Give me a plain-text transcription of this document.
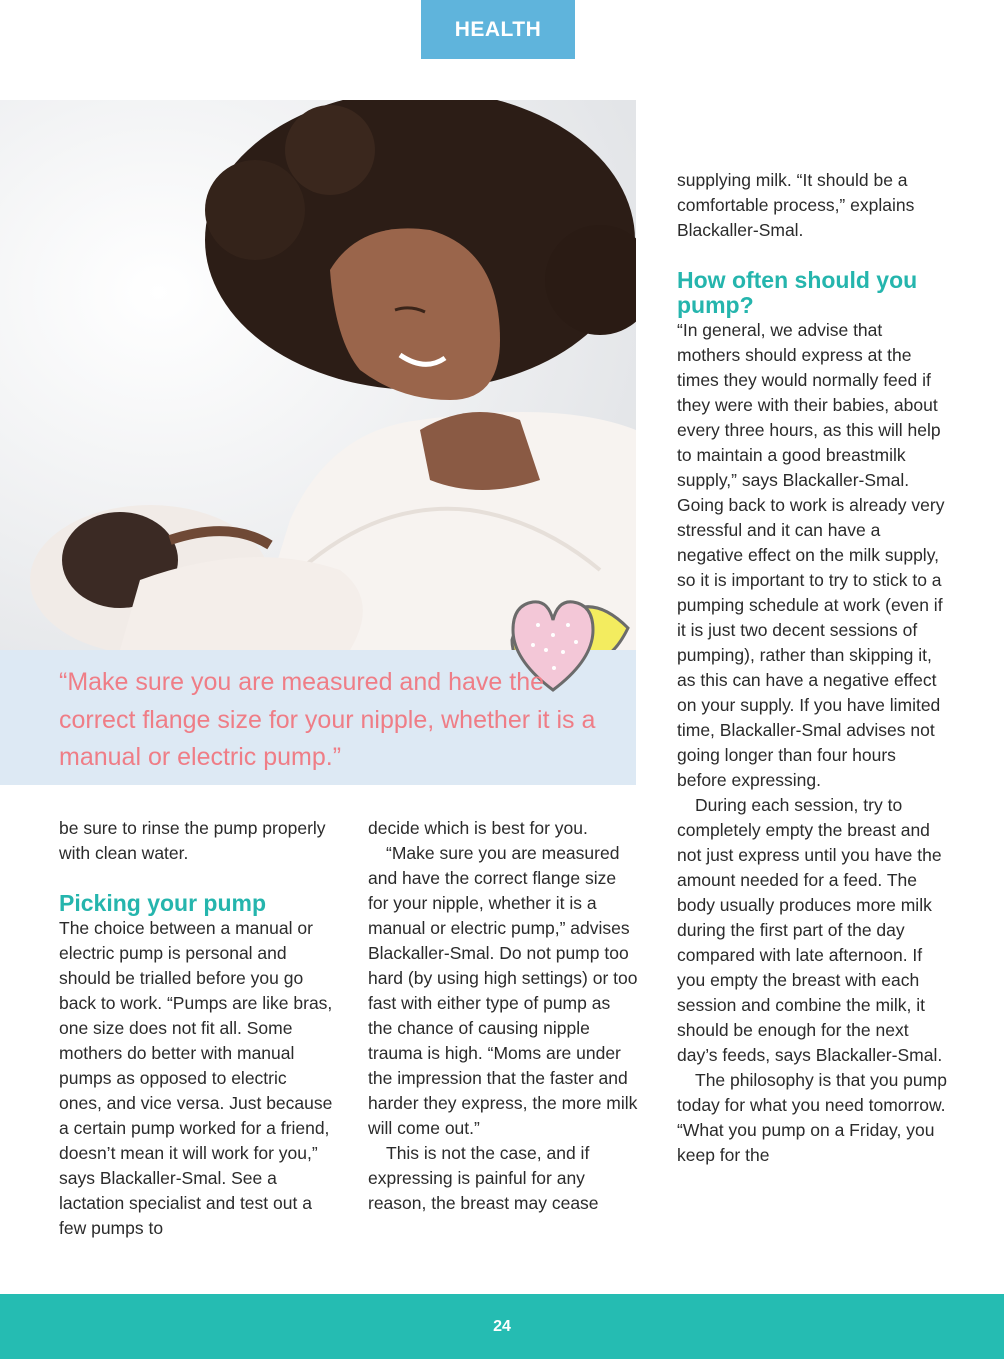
HEALTH
“Make sure you are measured and have the correct flange size for your nipple, whether it is a manual or electric pump.”

be sure to rinse the pump properly with clean water.

Picking your pump

The choice between a manual or electric pump is personal and should be trialled before you go back to work. “Pumps are like bras, one size does not fit all. Some mothers do better with manual pumps as opposed to electric ones, and vice versa. Just because a certain pump worked for a friend, doesn’t mean it will work for you,” says Blackaller-Smal. See a lactation specialist and test out a few pumps to

decide which is best for you.

“Make sure you are measured and have the correct flange size for your nipple, whether it is a manual or electric pump,” advises Blackaller-Smal. Do not pump too hard (by using high settings) or too fast with either type of pump as the chance of causing nipple trauma is high. “Moms are under the impression that the faster and harder they express, the more milk will come out.”

This is not the case, and if expressing is painful for any reason, the breast may cease

supplying milk. “It should be a comfortable process,” explains Blackaller-Smal.

How often should you pump?

“In general, we advise that mothers should express at the times they would normally feed if they were with their babies, about every three hours, as this will help to maintain a good breastmilk supply,” says Blackaller-Smal. Going back to work is already very stressful and it can have a negative effect on the milk supply, so it is important to try to stick to a pumping schedule at work (even if it is just two decent sessions of pumping), rather than skipping it, as this can have a negative effect on your supply. If you have limited time, Blackaller-Smal advises not going longer than four hours before expressing.

During each session, try to completely empty the breast and not just express until you have the amount needed for a feed. The body usually produces more milk during the first part of the day compared with late afternoon. If you empty the breast with each session and combine the milk, it should be enough for the next day’s feeds, says Blackaller-Smal.

The philosophy is that you pump today for what you need tomorrow. “What you pump on a Friday, you keep for the

24
